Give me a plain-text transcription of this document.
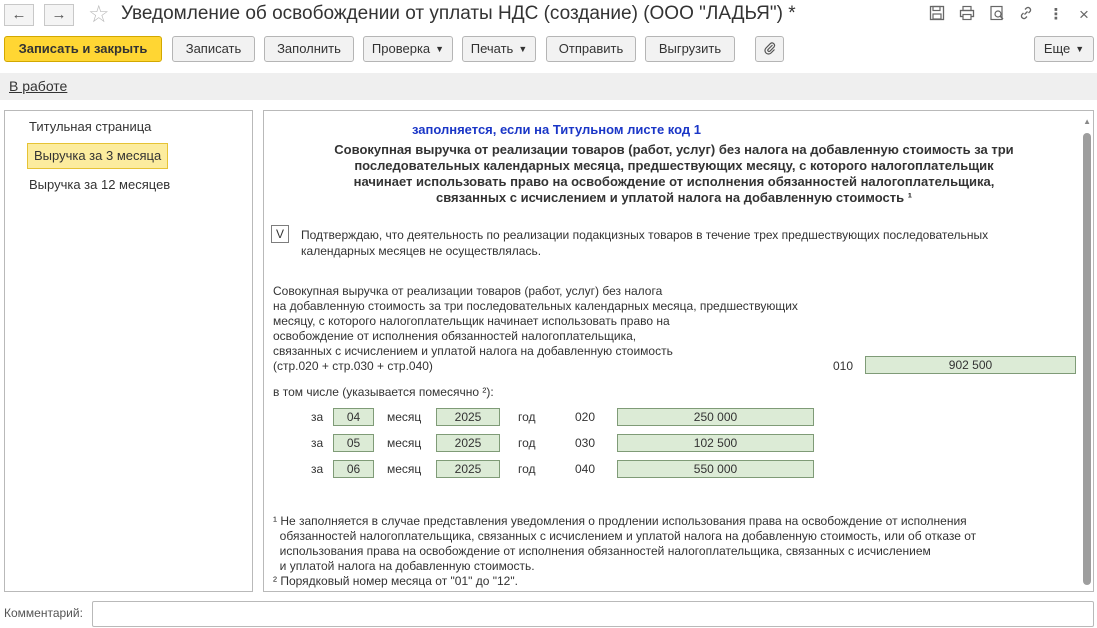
←	→ ☆ Уведомление об освобождении от уплаты НДС (создание) (ООО "ЛАДЬЯ") *	⋮ ×
Записать и закрыть	Записать	Заполнить	Проверка ▼	Печать ▼	Отправить	Выгрузить	Еще ▼
В работе
Титульная страница
Выручка за 3 месяца
Выручка за 12 месяцев
▲
заполняется, если на Титульном листе код 1
Совокупная выручка от реализации товаров (работ, услуг) без налога на добавленную стоимость за три
последовательных календарных месяца, предшествующих месяцу, с которого налогоплательщик
начинает использовать право на освобождение от исполнения обязанностей налогоплательщика,
связанных с исчислением и уплатой налога на добавленную стоимость ¹
V	Подтверждаю, что деятельность по реализации подакцизных товаров в течение трех предшествующих последовательных
календарных месяцев не осуществлялась.
Совокупная выручка от реализации товаров (работ, услуг) без налога
на добавленную стоимость за три последовательных календарных месяца, предшествующих
месяцу, с которого налогоплательщик начинает использовать право на
освобождение от исполнения обязанностей налогоплательщика,
связанных с исчислением и уплатой налога на добавленную стоимость
(стр.020 + стр.030 + стр.040)	010	902 500
в том числе (указывается помесячно ²):
за	04	месяц	2025	год	020	250 000
за	05	месяц	2025	год	030	102 500
за	06	месяц	2025	год	040	550 000
¹ Не заполняется в случае представления уведомления о продлении использования права на освобождение от исполнения
обязанностей налогоплательщика, связанных с исчислением и уплатой налога на добавленную стоимость, или об отказе от
использования права на освобождение от исполнения обязанностей налогоплательщика, связанных с исчислением
и уплатой налога на добавленную стоимость.
² Порядковый номер месяца от "01" до "12".
Комментарий:
